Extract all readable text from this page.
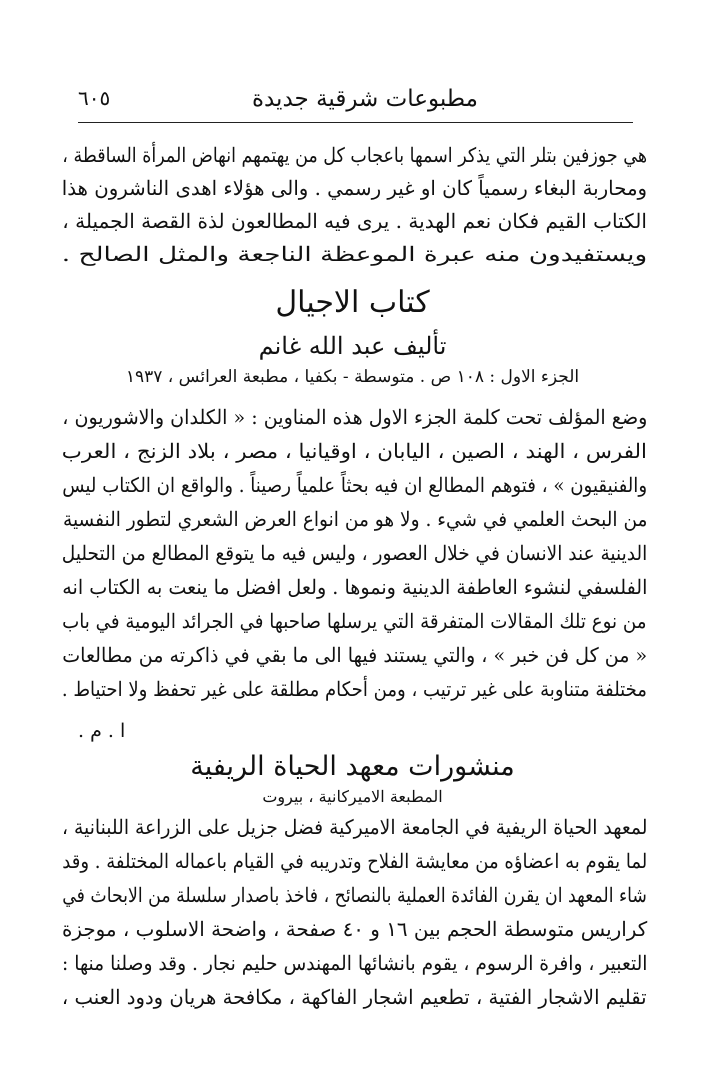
مطبوعات شرقية جديدة
٦٠٥
هي جوزفين بتلر التي يذكر اسمها باعجاب كل من يهتمهم انهاض المرأة الساقطة ،
ومحاربة البغاء رسمياً كان او غير رسمي . والى هؤلاء اهدى الناشرون هذا
الكتاب القيم فكان نعم الهدية . يرى فيه المطالعون لذة القصة الجميلة ،
ويستفيدون منه عبرة الموعظة الناجعة والمثل الصالح .
كتاب الاجيال
تأليف عبد الله غانم
الجزء الاول : ١٠٨ ص . متوسطة - بكفيا ، مطبعة العرائس ، ١٩٣٧
وضع المؤلف تحت كلمة الجزء الاول هذه المناوين : « الكلدان والاشوريون ،
الفرس ، الهند ، الصين ، اليابان ، اوقيانيا ، مصر ، بلاد الزنج ، العرب
والفنيقيون » ، فتوهم المطالع ان فيه بحثاً علمياً رصيناً . والواقع ان الكتاب ليس
من البحث العلمي في شيء . ولا هو من انواع العرض الشعري لتطور النفسية
الدينية عند الانسان في خلال العصور ، وليس فيه ما يتوقع المطالع من التحليل
الفلسفي لنشوء العاطفة الدينية ونموها . ولعل افضل ما ينعت به الكتاب انه
من نوع تلك المقالات المتفرقة التي يرسلها صاحبها في الجرائد اليومية في باب
« من كل فن خبر » ، والتي يستند فيها الى ما بقي في ذاكرته من مطالعات
مختلفة متناوبة على غير ترتيب ، ومن أحكام مطلقة على غير تحفظ ولا احتياط .
ا . م .
منشورات معهد الحياة الريفية
المطبعة الاميركانية ، بيروت
لمعهد الحياة الريفية في الجامعة الاميركية فضل جزيل على الزراعة اللبنانية ،
لما يقوم به اعضاؤه من معايشة الفلاح وتدريبه في القيام باعماله المختلفة . وقد
شاء المعهد ان يقرن الفائدة العملية بالنصائح ، فاخذ باصدار سلسلة من الابحاث في
كراريس متوسطة الحجم بين ١٦ و ٤٠ صفحة ، واضحة الاسلوب ، موجزة
التعبير ، وافرة الرسوم ، يقوم بانشائها المهندس حليم نجار . وقد وصلنا منها :
تقليم الاشجار الفتية ، تطعيم اشجار الفاكهة ، مكافحة هريان ودود العنب ،
